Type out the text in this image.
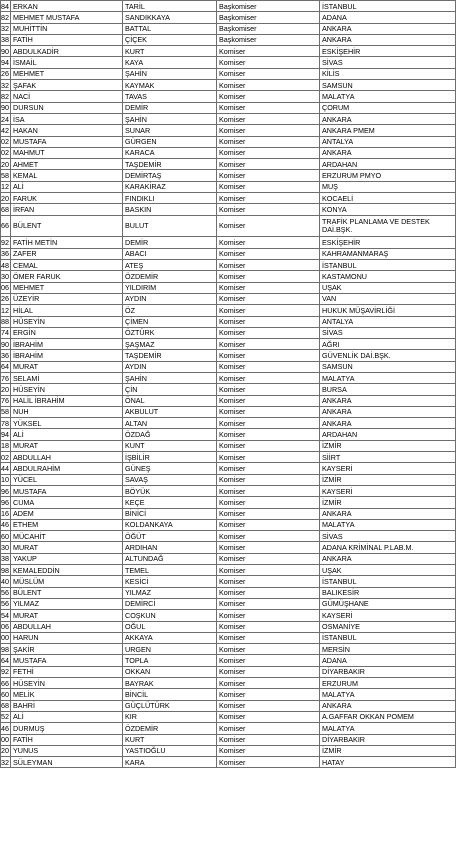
84	ERKAN	TARİL	Başkomiser	İSTANBUL
82	MEHMET MUSTAFA	SANDIKKAYA	Başkomiser	ADANA
32	MUHİTTİN	BATTAL	Başkomiser	ANKARA
38	FATİH	ÇİÇEK	Başkomiser	ANKARA
90	ABDULKADİR	KURT	Komiser	ESKİŞEHİR
94	İSMAİL	KAYA	Komiser	SİVAS
26	MEHMET	ŞAHİN	Komiser	KİLİS
32	ŞAFAK	KAYMAK	Komiser	SAMSUN
82	NACİ	TAVAS	Komiser	MALATYA
90	DURSUN	DEMİR	Komiser	ÇORUM
24	İSA	ŞAHİN	Komiser	ANKARA
42	HAKAN	SUNAR	Komiser	ANKARA PMEM
02	MUSTAFA	GÜRGEN	Komiser	ANTALYA
02	MAHMUT	KARACA	Komiser	ANKARA
20	AHMET	TAŞDEMİR	Komiser	ARDAHAN
58	KEMAL	DEMİRTAŞ	Komiser	ERZURUM PMYO
12	ALİ	KARAKİRAZ	Komiser	MUŞ
20	FARUK	FINDIKLI	Komiser	KOCAELİ
68	İRFAN	BASKIN	Komiser	KONYA
66	BÜLENT	BULUT	Komiser	TRAFİK PLANLAMA VE DESTEK DAİ.BŞK.
92	FATİH METİN	DEMİR	Komiser	ESKİŞEHİR
36	ZAFER	ABACI	Komiser	KAHRAMANMARAŞ
48	CEMAL	ATEŞ	Komiser	İSTANBUL
30	ÖMER FARUK	ÖZDEMİR	Komiser	KASTAMONU
06	MEHMET	YILDIRIM	Komiser	UŞAK
26	ÜZEYİR	AYDIN	Komiser	VAN
12	HİLAL	ÖZ	Komiser	HUKUK MÜŞAVİRLİĞİ
88	HÜSEYİN	ÇİMEN	Komiser	ANTALYA
74	ERGİN	ÖZTÜRK	Komiser	SİVAS
90	İBRAHİM	ŞAŞMAZ	Komiser	AĞRI
36	İBRAHİM	TAŞDEMİR	Komiser	GÜVENLİK DAİ.BŞK.
64	MURAT	AYDIN	Komiser	SAMSUN
76	SELAMİ	ŞAHİN	Komiser	MALATYA
20	HÜSEYİN	ÇİN	Komiser	BURSA
76	HALİL İBRAHİM	ÖNAL	Komiser	ANKARA
58	NUH	AKBULUT	Komiser	ANKARA
78	YÜKSEL	ALTAN	Komiser	ANKARA
94	ALİ	ÖZDAĞ	Komiser	ARDAHAN
18	MURAT	KUNT	Komiser	İZMİR
02	ABDULLAH	İŞBİLİR	Komiser	SİİRT
44	ABDULRAHİM	GÜNEŞ	Komiser	KAYSERİ
10	YÜCEL	SAVAŞ	Komiser	İZMİR
96	MUSTAFA	BÖYÜK	Komiser	KAYSERİ
96	CUMA	KEÇE	Komiser	İZMİR
16	ADEM	BİNİCİ	Komiser	ANKARA
46	ETHEM	KOLDANKAYA	Komiser	MALATYA
60	MÜCAHİT	ÖĞÜT	Komiser	SİVAS
30	MURAT	ARDIHAN	Komiser	ADANA KRİMİNAL P.LAB.M.
38	YAKUP	ALTUNDAĞ	Komiser	ANKARA
98	KEMALEDDİN	TEMEL	Komiser	UŞAK
40	MÜSLÜM	KESİCİ	Komiser	İSTANBUL
56	BÜLENT	YILMAZ	Komiser	BALIKESİR
56	YILMAZ	DEMİRCİ	Komiser	GÜMÜŞHANE
54	MURAT	COŞKUN	Komiser	KAYSERİ
06	ABDULLAH	OĞUL	Komiser	OSMANİYE
00	HARUN	AKKAYA	Komiser	İSTANBUL
98	ŞAKİR	URGEN	Komiser	MERSİN
64	MUSTAFA	TOPLA	Komiser	ADANA
92	FETHİ	OKKAN	Komiser	DİYARBAKIR
66	HÜSEYİN	BAYRAK	Komiser	ERZURUM
60	MELİK	BİNCİL	Komiser	MALATYA
68	BAHRİ	GÜÇLÜTÜRK	Komiser	ANKARA
52	ALİ	KIR	Komiser	A.GAFFAR OKKAN POMEM
46	DURMUŞ	ÖZDEMİR	Komiser	MALATYA
00	FATİH	KURT	Komiser	DİYARBAKIR
20	YUNUS	YASTIOĞLU	Komiser	İZMİR
32	SÜLEYMAN	KARA	Komiser	HATAY
